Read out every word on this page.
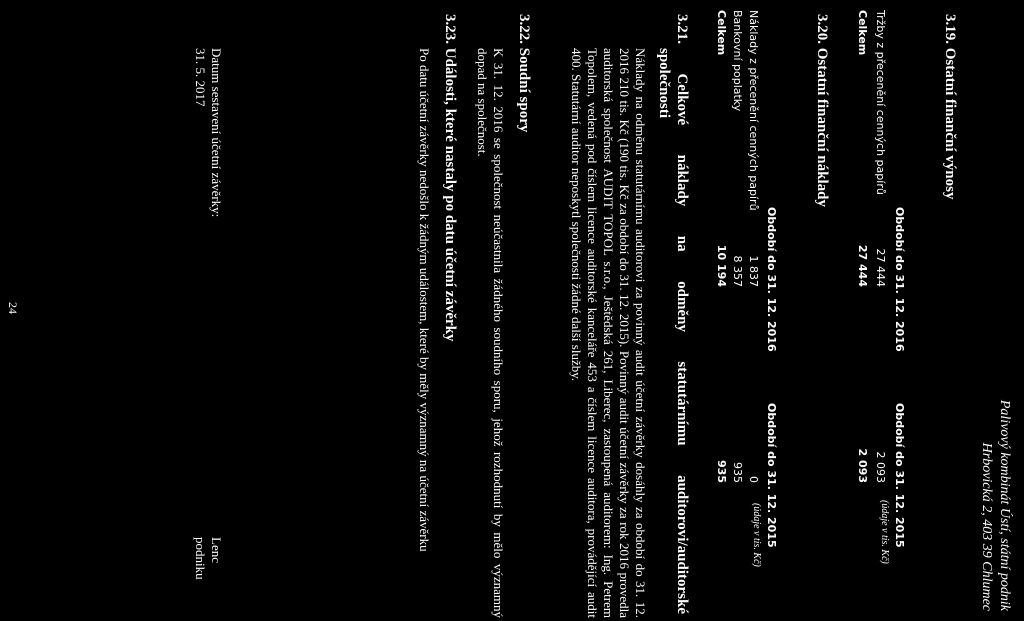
Palivový kombinát Ústí, státní podnik
Hrbovická 2, 403 39 Chlumec
3.19. Ostatní finanční výnosy
Období do 31. 12. 2016
Období do 31. 12. 2015
(údaje v tis. Kč)
Tržby z přecenění cenných papírů
27 444
2 093
Celkem
27 444
2 093
3.20. Ostatní finanční náklady
Období do 31. 12. 2016
Období do 31. 12. 2015
(údaje v tis. Kč)
Náklady z přecenění cenných papírů
1 837
0
Bankovní poplatky
8 357
935
Celkem
10 194
935
3.21. Celkové náklady na odměny statutárnímu auditorovi/auditorské
společnosti
Náklady na odměnu statutárnímu auditorovi za povinný audit účetní závěrky dosáhly za období do 31. 12. 2016 210 tis. Kč (190 tis. Kč za období do 31. 12. 2015). Povinný audit účetní závěrky za rok 2016 provedla auditorská společnost AUDIT TOPOL s.r.o., Ještědská 261, Liberec, zastoupená auditorem: Ing. Petrem Topolem, vedená pod číslem licence auditorské kanceláře 453 a číslem licence auditora, provádějící audit 400. Statutární auditor neposkytl společnosti žádné další služby.
3.22. Soudní spory
K 31. 12. 2016 se společnost neúčastnila žádného soudního sporu, jehož rozhodnutí by mělo významný dopad na společnost.
3.23. Události, které nastaly po datu účetní závěrky
Po datu účetní závěrky nedošlo k žádným událostem, které by měly významný na účetní závěrku
Datum sestavení účetní závěrky:
31. 5. 2017
Lenc
podniku
24
